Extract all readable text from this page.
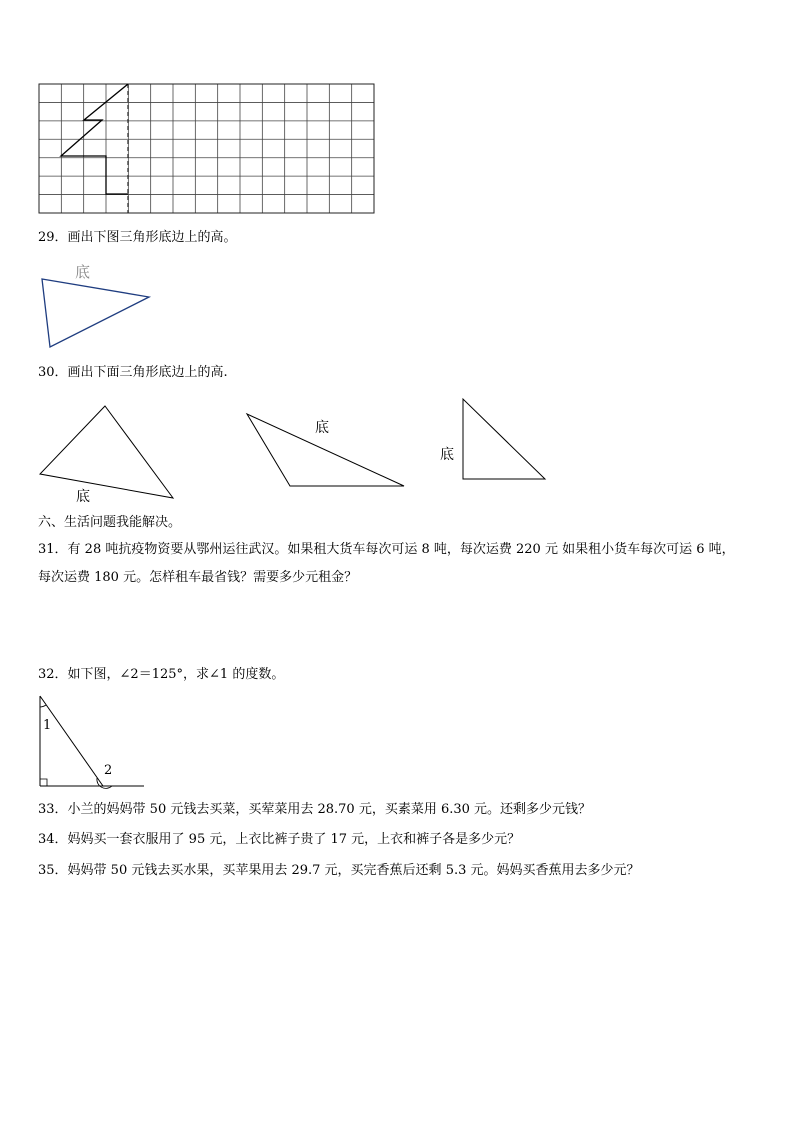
29．画出下图三角形底边上的高。
底
30．画出下面三角形底边上的高.
底
底
底
六、生活问题我能解决。
31．有 28 吨抗疫物资要从鄂州运往武汉。如果租大货车每次可运 8 吨，每次运费 220 元 如果租小货车每次可运 6 吨，
每次运费 180 元。怎样租车最省钱？需要多少元租金？
32．如下图，∠2＝125°，求∠1 的度数。
1
2
33．小兰的妈妈带 50 元钱去买菜，买荤菜用去 28.70 元，买素菜用 6.30 元。还剩多少元钱？
34．妈妈买一套衣服用了 95 元，上衣比裤子贵了 17 元，上衣和裤子各是多少元？
35．妈妈带 50 元钱去买水果，买苹果用去 29.7 元，买完香蕉后还剩 5.3 元。妈妈买香蕉用去多少元？
